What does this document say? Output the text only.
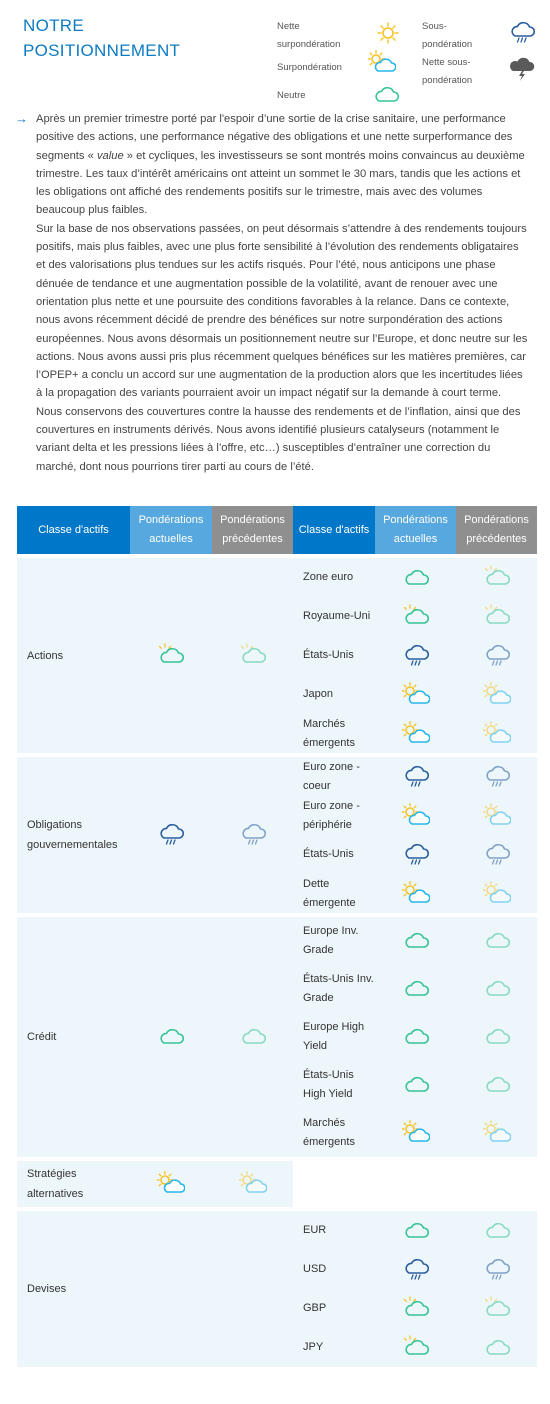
NOTRE
POSITIONNEMENT
Nette surpondération
Surpondération
Neutre
Sous-pondération
Nette sous-pondération
→ Après un premier trimestre porté par l'espoir d’une sortie de la crise sanitaire, une performance positive des actions, une performance négative des obligations et une nette surperformance des segments « value » et cycliques, les investisseurs se sont montrés moins convaincus au deuxième trimestre. Les taux d’intérêt américains ont atteint un sommet le 30 mars, tandis que les actions et les obligations ont affiché des rendements positifs sur le trimestre, mais avec des volumes beaucoup plus faibles.

Sur la base de nos observations passées, on peut désormais s’attendre à des rendements toujours positifs, mais plus faibles, avec une plus forte sensibilité à l’évolution des rendements obligataires et des valorisations plus tendues sur les actifs risqués. Pour l’été, nous anticipons une phase dénuée de tendance et une augmentation possible de la volatilité, avant de renouer avec une orientation plus nette et une poursuite des conditions favorables à la relance. Dans ce contexte, nous avons récemment décidé de prendre des bénéfices sur notre surpondération des actions européennes. Nous avons désormais un positionnement neutre sur l’Europe, et donc neutre sur les actions. Nous avons aussi pris plus récemment quelques bénéfices sur les matières premières, car l’OPEP+ a conclu un accord sur une augmentation de la production alors que les incertitudes liées à la propagation des variants pourraient avoir un impact négatif sur la demande à court terme. Nous conservons des couvertures contre la hausse des rendements et de l’inflation, ainsi que des couvertures en instruments dérivés. Nous avons identifié plusieurs catalyseurs (notamment le variant delta et les pressions liées à l’offre, etc…) susceptibles d’entraîner une correction du marché, dont nous pourrions tirer parti au cours de l’été.

Classe d'actifs	Pondérations actuelles	Pondérations précédentes	Classe d'actifs	Pondérations actuelles	Pondérations précédentes

Actions			Zone euro	

			Royaume-Uni	

			États-Unis	

			Japon	

			Marchés émergents	

Obligations gouvernementales			Euro zone - coeur	

			Euro zone - périphérie	

			États-Unis	

			Dette émergente	

Crédit			Europe Inv. Grade	

			États-Unis Inv. Grade	

			Europe High Yield	

			États-Unis High Yield	

			Marchés émergents	

Stratégies alternatives	

Devises			EUR	

			USD	

			GBP	

			JPY	
